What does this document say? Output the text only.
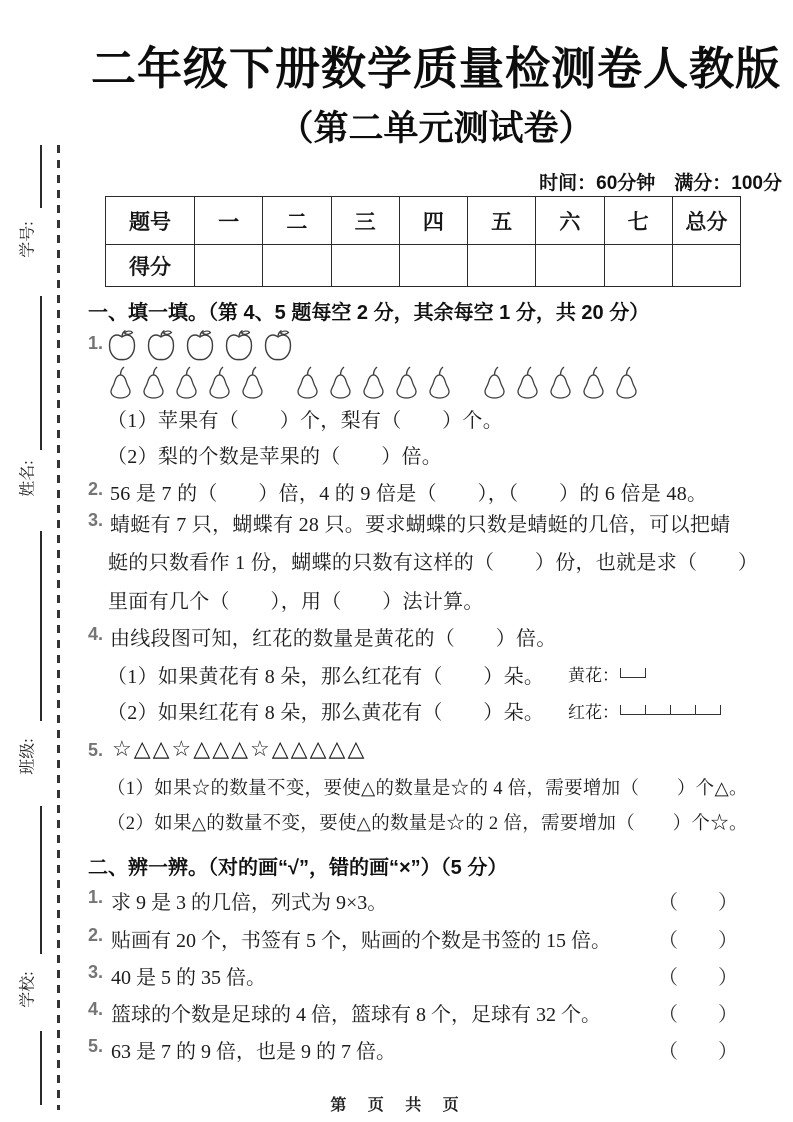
学号:
姓名:
班级:
学校:
二年级下册数学质量检测卷人教版
（第二单元测试卷）
时间：60分钟　满分：100分
题号	一	二	三	四	五	六	七	总分
得分								
一、填一填。（第 4、5 题每空 2 分，其余每空 1 分，共 20 分）
1.
（1）苹果有（　　）个，梨有（　　）个。
（2）梨的个数是苹果的（　　）倍。
2. 56 是 7 的（　　）倍，4 的 9 倍是（　　），（　　）的 6 倍是 48。
3. 蜻蜓有 7 只，蝴蝶有 28 只。要求蝴蝶的只数是蜻蜓的几倍，可以把蜻
蜓的只数看作 1 份，蝴蝶的只数有这样的（　　）份，也就是求（　　）
里面有几个（　　），用（　　）法计算。
4. 由线段图可知，红花的数量是黄花的（　　）倍。
（1）如果黄花有 8 朵，那么红花有（　　）朵。
（2）如果红花有 8 朵，那么黄花有（　　）朵。
黄花：
红花：
5. ☆△△☆△△△☆△△△△△
（1）如果☆的数量不变，要使△的数量是☆的 4 倍，需要增加（　　）个△。
（2）如果△的数量不变，要使△的数量是☆的 2 倍，需要增加（　　）个☆。
二、辨一辨。（对的画“√”，错的画“×”）（5 分）
1. 求 9 是 3 的几倍，列式为 9×3。	（　　）
2. 贴画有 20 个，书签有 5 个，贴画的个数是书签的 15 倍。 （　　）
3. 40 是 5 的 35 倍。	（　　）
4. 篮球的个数是足球的 4 倍，篮球有 8 个，足球有 32 个。	（　　）
5. 63 是 7 的 9 倍，也是 9 的 7 倍。	（　　）
第 页 共 页
